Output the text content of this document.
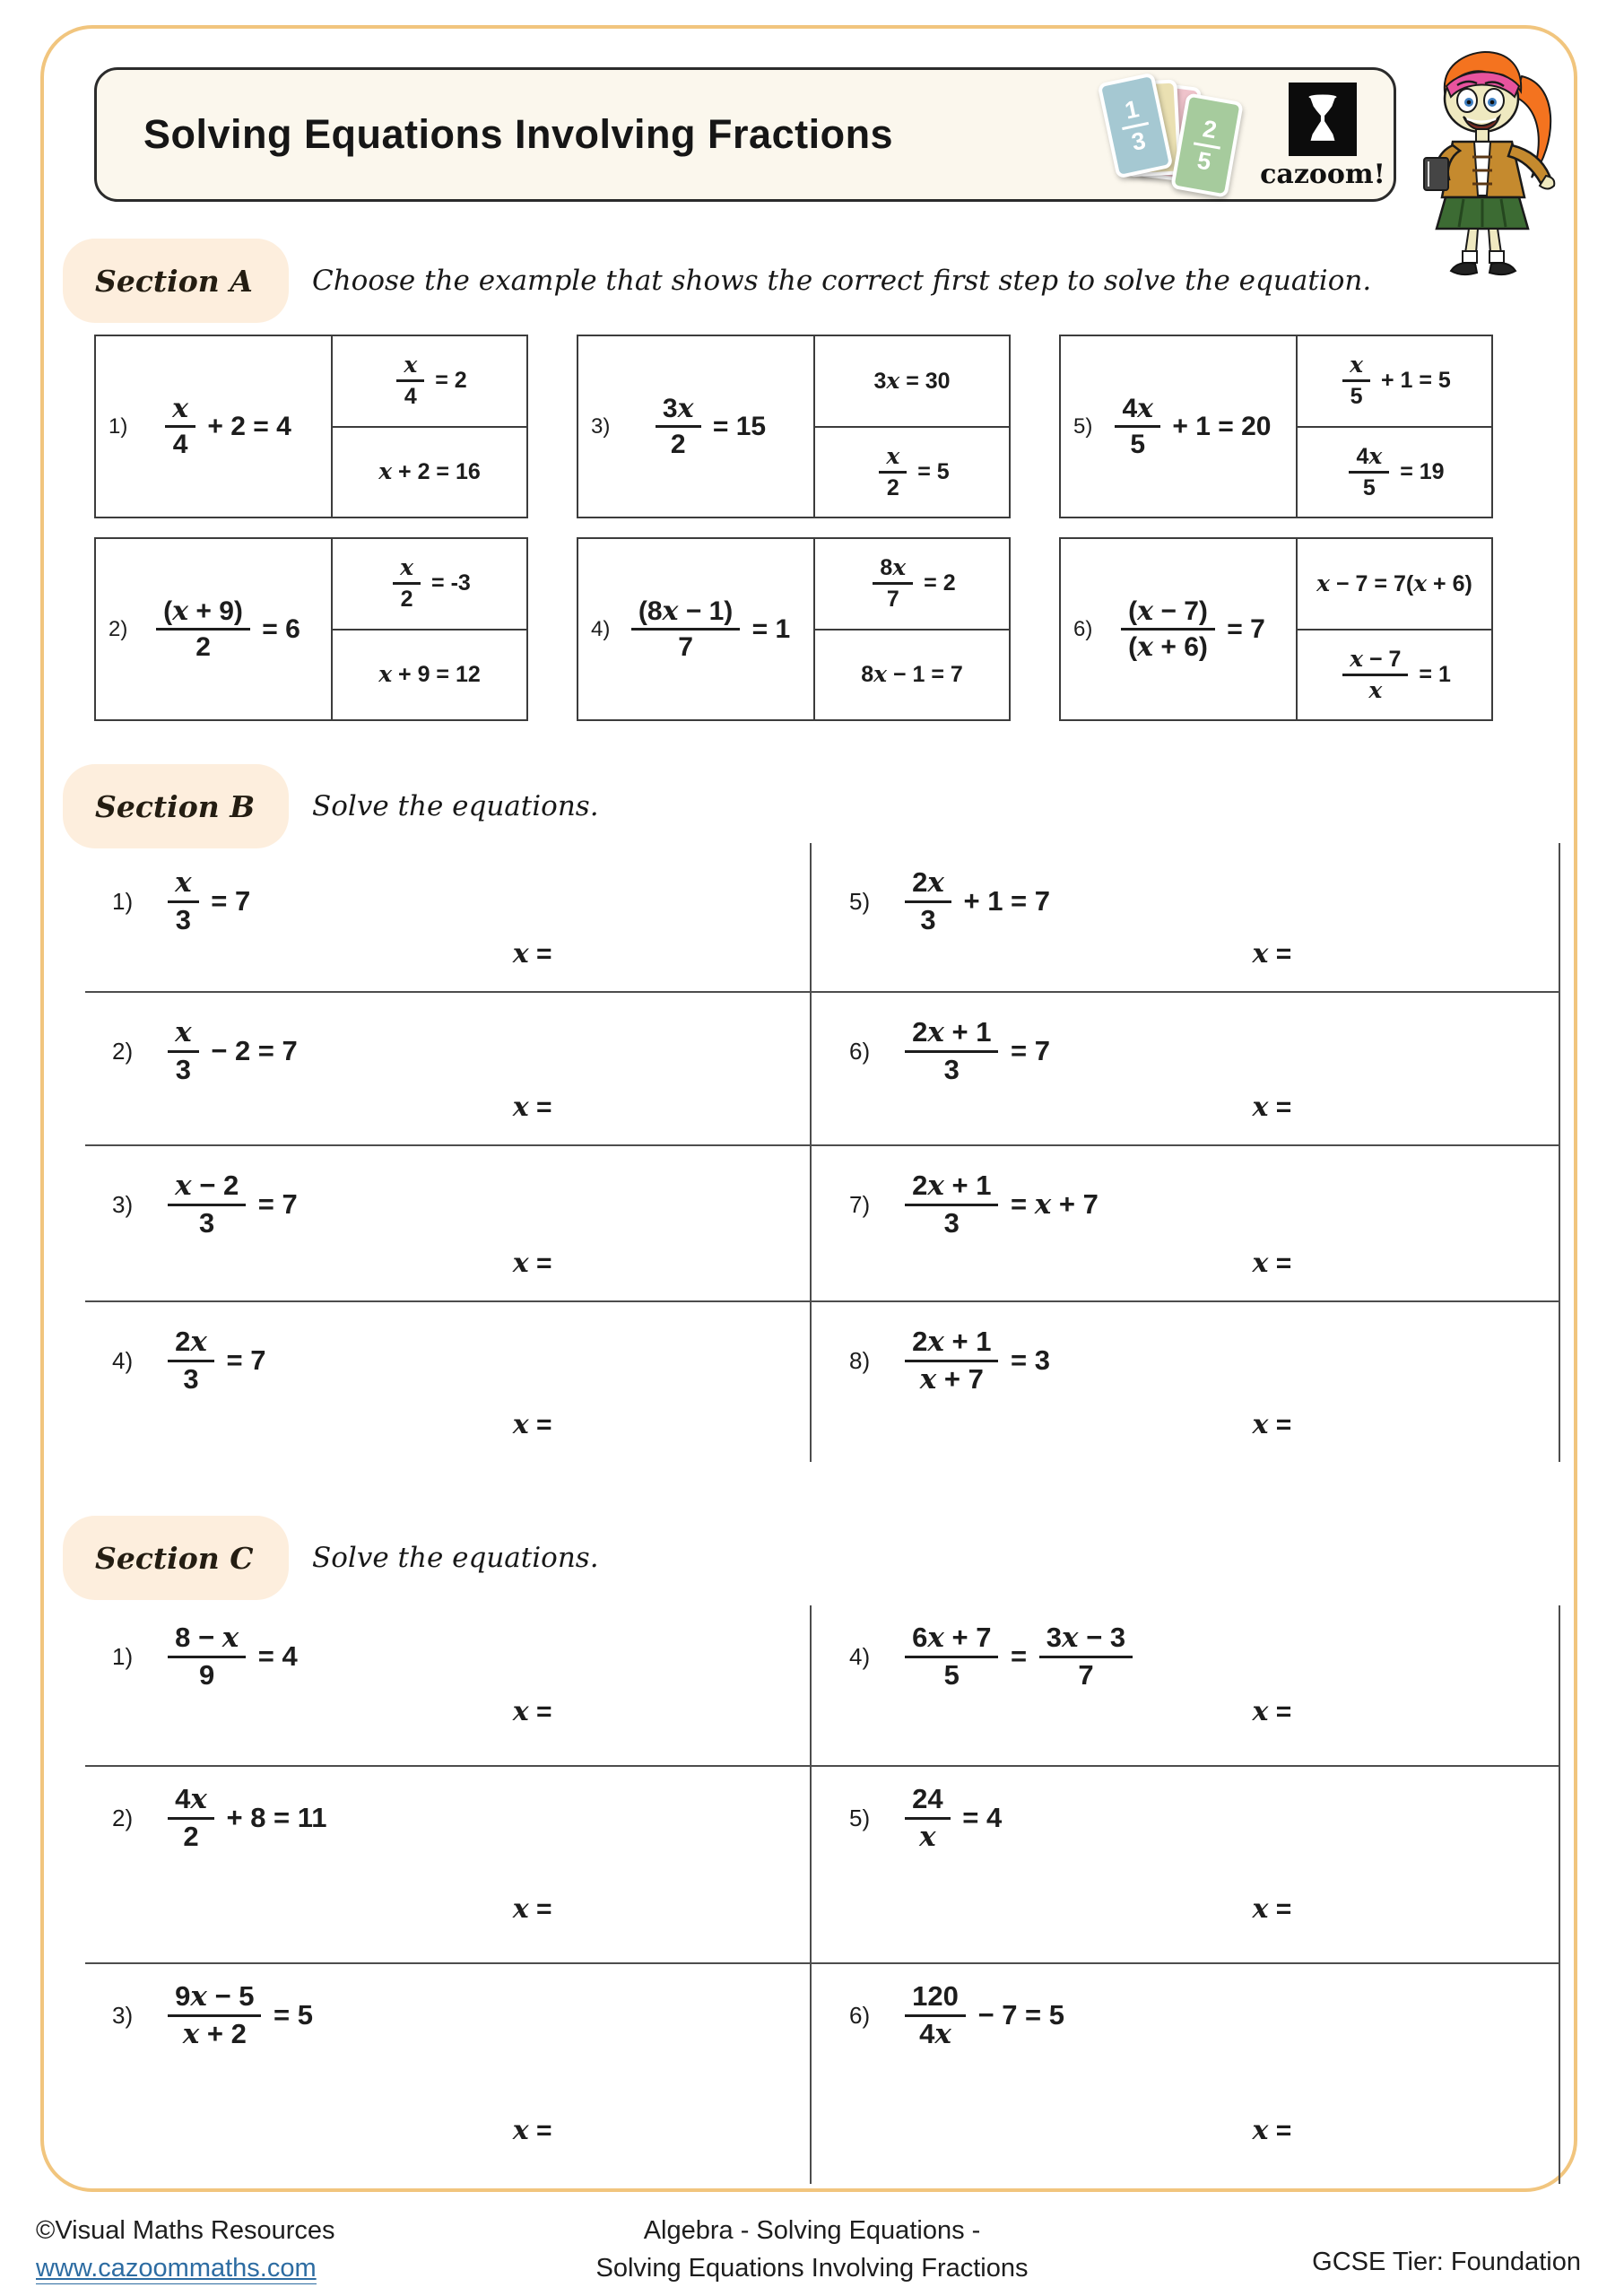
Solving Equations Involving Fractions
1
3 2
5	cazoom!
Section A Choose the example that shows the correct first step to solve the equation.
$1) \frac{x}{4} + 2 = 4$
$\frac{x}{4} = 2$
x + 2 = 16
$3) \frac{3x}{2} = 15$
3x = 30
$\frac{x}{2} = 5$
$5) \frac{4x}{5} + 1 = 20$
$\frac{x}{5} + 1 = 5$
$\frac{4x}{5} = 19$
$2) \frac{(x + 9)}{2} = 6$
$\frac{x}{2} = -3$
x + 9 = 12
$4) \frac{(8x - 1)}{7} = 1$
$\frac{8x}{7} = 2$
8x − 1 = 7
$6) \frac{(x - 7)}{(x + 6)} = 7$
x − 7 = 7(x + 6)
$\frac{x - 7}{x} = 1$
Section B Solve the equations.
$1) \frac{x}{3} = 7$
x =
$5) \frac{2x}{3} + 1 = 7$
x =
$2) \frac{x}{3} - 2 = 7$
x =
$6) \frac{2x + 1}{3} = 7$
x =
$3) \frac{x - 2}{3} = 7$
x =
$7) \frac{2x + 1}{3} = x + 7$
x =
$4) \frac{2x}{3} = 7$
x =
$8) \frac{2x + 1}{x + 7} = 3$
x =
Section C Solve the equations.
$1) \frac{8 - x}{9} = 4$
x =
$4) \frac{6x + 7}{5} = \frac{3x - 3}{7}$
x =
$2) \frac{4x}{2} + 8 = 11$
x =
$5) \frac{24}{x} = 4$
x =
$3) \frac{9x - 5}{x + 2} = 5$
x =
$6) \frac{120}{4x} - 7 = 5$
x =
©Visual Maths Resources
www.cazoommaths.com
Algebra - Solving Equations -
Solving Equations Involving Fractions	GCSE Tier: Foundation
